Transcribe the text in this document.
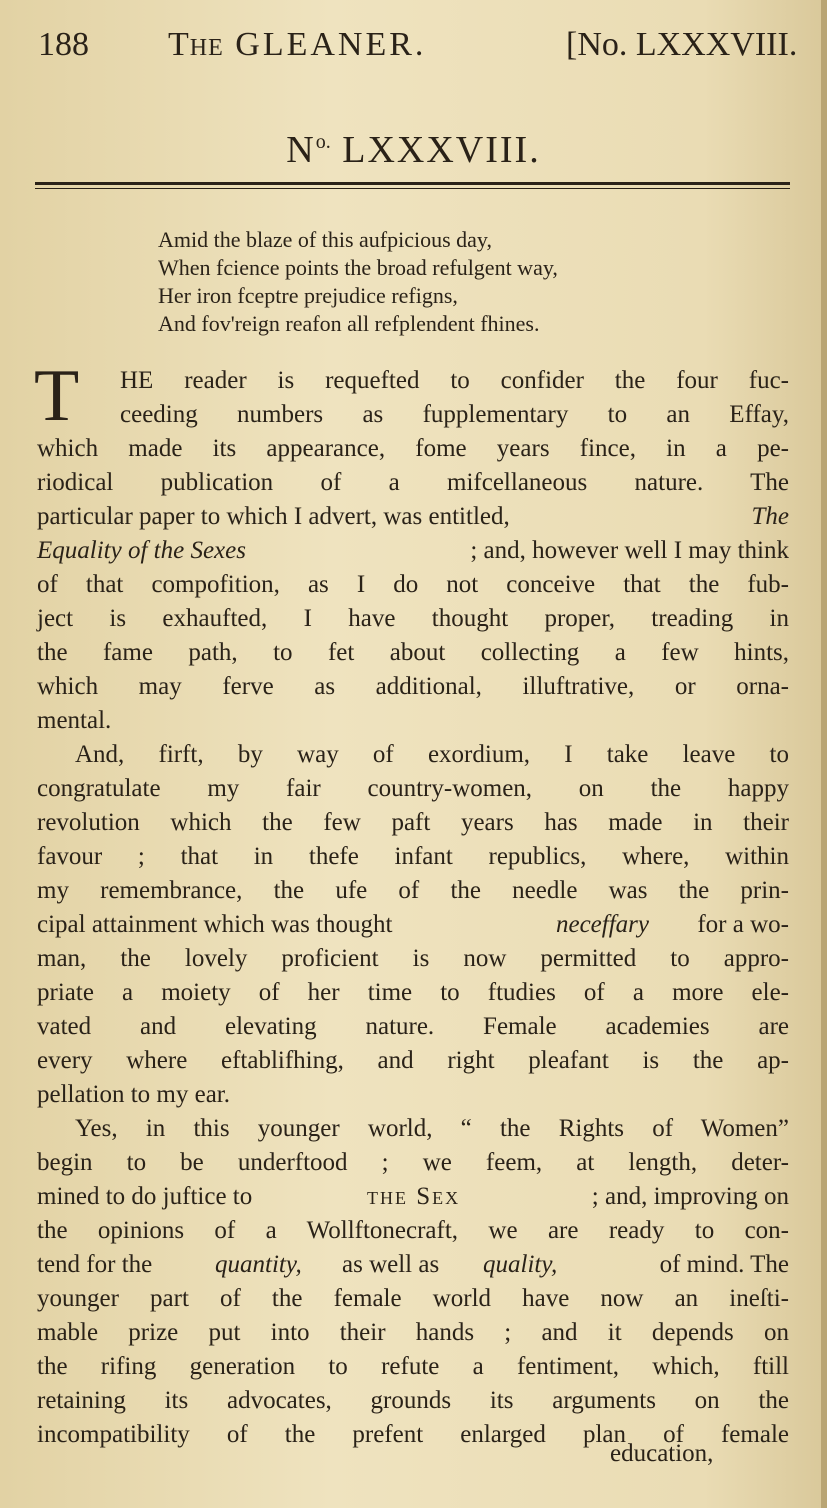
188 The GLEANER.	[No. LXXXVIII.
$N^{o.}$ LXXXVIII.
Amid the blaze of this aufpicious day,
When fcience points the broad refulgent way,
Her iron fceptre prejudice refigns,
And fov'reign reafon all refplendent fhines.
T	HE reader is requefted to confider the four fuc-
ceeding numbers as fupplementary to an Effay,
which made its appearance, fome years fince, in a pe-
riodical publication of a mifcellaneous nature. The
particular paper to which I advert, was entitled,	The
Equality of the Sexes	; and, however well I may think
of that compofition, as I do not conceive that the fub-
ject is exhaufted, I have thought proper, treading in
the fame path, to fet about collecting a few hints,
which may ferve as additional, illuftrative, or orna-
mental.
And, firft, by way of exordium, I take leave to
congratulate my fair country-women, on the happy
revolution which the few paft years has made in their
favour ; that in thefe infant republics, where, within
my remembrance, the ufe of the needle was the prin-
cipal attainment which was thought	neceffary for a wo-
man, the lovely proficient is now permitted to appro-
priate a moiety of her time to ftudies of a more ele-
vated and elevating nature. Female academies are
every where eftablifhing, and right pleafant is the ap-
pellation to my ear.
Yes, in this younger world, “ the Rights of Women”
begin to be underftood ; we feem, at length, deter-
mined to do juftice to	the Sex	; and, improving on
the opinions of a Wollftonecraft, we are ready to con-
tend for the	quantity, as well as quality,	of mind. The
younger part of the female world have now an ineſti-
mable prize put into their hands ; and it depends on
the rifing generation to refute a fentiment, which, ftill
retaining its advocates, grounds its arguments on the
incompatibility of the prefent enlarged plan of female
education,
